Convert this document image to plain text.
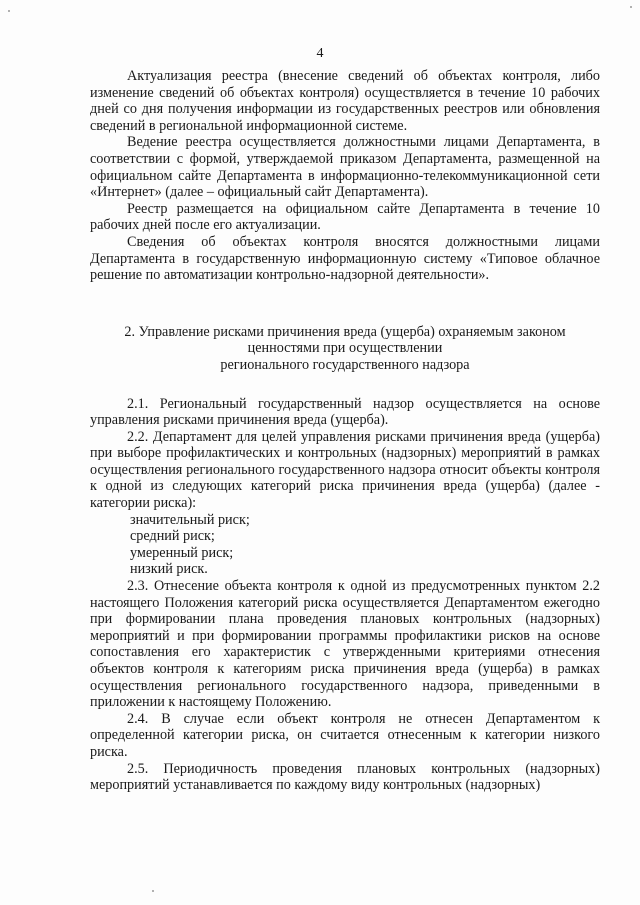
4

Актуализация реестра (внесение сведений об объектах контроля, либо изменение сведений об объектах контроля) осуществляется в течение 10 рабочих дней со дня получения информации из государственных реестров или обновления сведений в региональной информационной системе.

Ведение реестра осуществляется должностными лицами Департамента, в соответствии с формой, утверждаемой приказом Департамента, размещенной на официальном сайте Департамента в информационно-телекоммуникационной сети «Интернет» (далее – официальный сайт Департамента).

Реестр размещается на официальном сайте Департамента в течение 10 рабочих дней после его актуализации.

Сведения об объектах контроля вносятся должностными лицами Департамента в государственную информационную систему «Типовое облачное решение по автоматизации контрольно-надзорной деятельности».

2. Управление рисками причинения вреда (ущерба) охраняемым законом
ценностями при осуществлении
регионального государственного надзора

2.1. Региональный государственный надзор осуществляется на основе управления рисками причинения вреда (ущерба).

2.2. Департамент для целей управления рисками причинения вреда (ущерба) при выборе профилактических и контрольных (надзорных) мероприятий в рамках осуществления регионального государственного надзора относит объекты контроля к одной из следующих категорий риска причинения вреда (ущерба) (далее - категории риска):

значительный риск;

средний риск;

умеренный риск;

низкий риск.

2.3. Отнесение объекта контроля к одной из предусмотренных пунктом 2.2 настоящего Положения категорий риска осуществляется Департаментом ежегодно при формировании плана проведения плановых контрольных (надзорных) мероприятий и при формировании программы профилактики рисков на основе сопоставления его характеристик с утвержденными критериями отнесения объектов контроля к категориям риска причинения вреда (ущерба) в рамках осуществления регионального государственного надзора, приведенными в приложении к настоящему Положению.

2.4. В случае если объект контроля не отнесен Департаментом к определенной категории риска, он считается отнесенным к категории низкого риска.

2.5. Периодичность проведения плановых контрольных (надзорных) мероприятий устанавливается по каждому виду контрольных (надзорных)
